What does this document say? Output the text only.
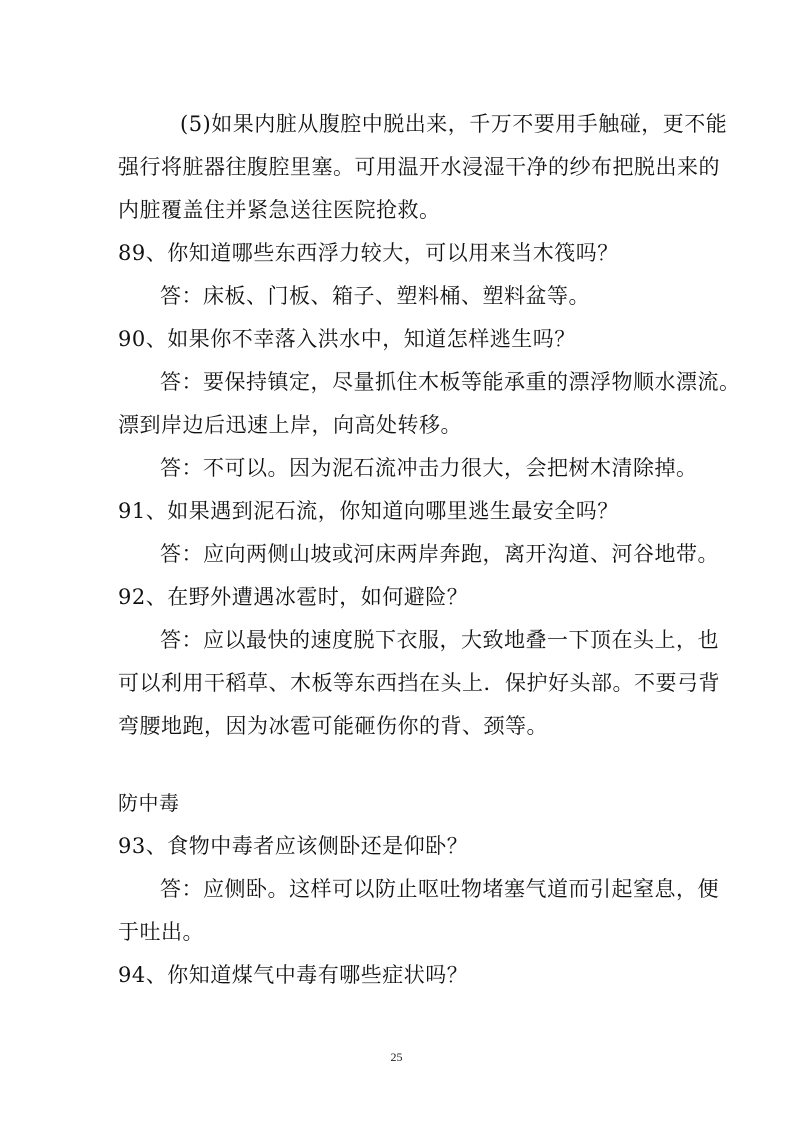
(5)如果内脏从腹腔中脱出来，千万不要用手触碰，更不能
强行将脏器往腹腔里塞。可用温开水浸湿干净的纱布把脱出来的
内脏覆盖住并紧急送往医院抢救。
89、你知道哪些东西浮力较大，可以用来当木筏吗？
答：床板、门板、箱子、塑料桶、塑料盆等。
90、如果你不幸落入洪水中，知道怎样逃生吗？
答：要保持镇定，尽量抓住木板等能承重的漂浮物顺水漂流。
漂到岸边后迅速上岸，向高处转移。
答：不可以。因为泥石流冲击力很大，会把树木清除掉。
91、如果遇到泥石流，你知道向哪里逃生最安全吗？
答：应向两侧山坡或河床两岸奔跑，离开沟道、河谷地带。
92、在野外遭遇冰雹时，如何避险？
答：应以最快的速度脱下衣服，大致地叠一下顶在头上，也
可以利用干稻草、木板等东西挡在头上．保护好头部。不要弓背
弯腰地跑，因为冰雹可能砸伤你的背、颈等。
防中毒
93、食物中毒者应该侧卧还是仰卧？
答：应侧卧。这样可以防止呕吐物堵塞气道而引起窒息，便
于吐出。
94、你知道煤气中毒有哪些症状吗？
25
